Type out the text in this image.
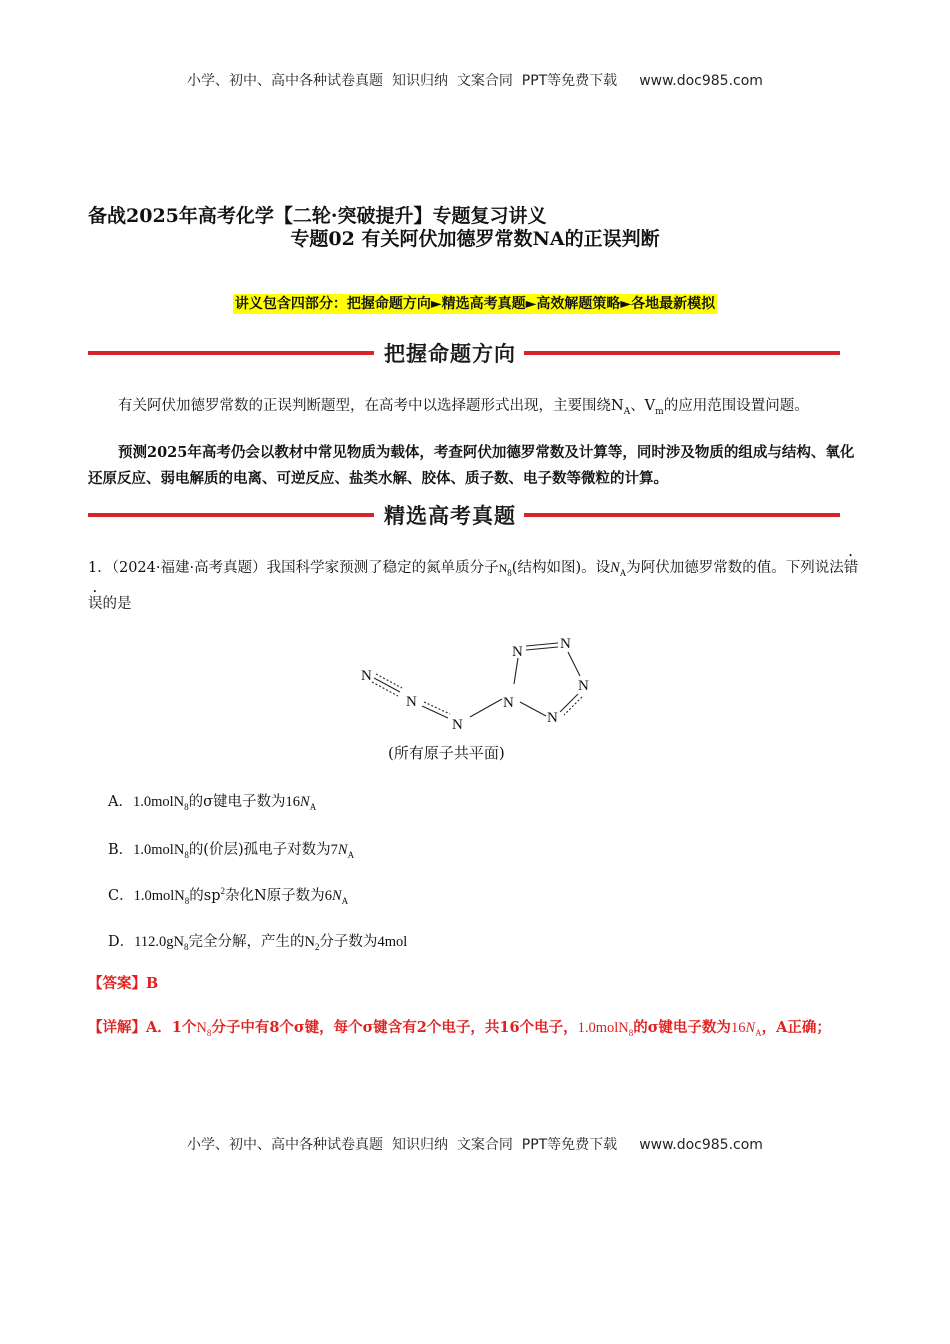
小学、初中、高中各种试卷真题  知识归纳  文案合同  PPT等免费下载 www.doc985.com
备战2025年高考化学【二轮·突破提升】专题复习讲义
专题02 有关阿伏加德罗常数NA的正误判断
讲义包含四部分：把握命题方向►精选高考真题►高效解题策略►各地最新模拟
把握命题方向
有关阿伏加德罗常数的正误判断题型，在高考中以选择题形式出现，主要围绕$N_A$、$V_m$的应用范围设置问题。
预测2025年高考仍会以教材中常见物质为载体，考查阿伏加德罗常数及计算等，同时涉及物质的组成与结构、氧化还原反应、弱电解质的电离、可逆反应、盐类水解、胶体、质子数、电子数等微粒的计算。
精选高考真题
1．（2024·福建·高考真题）我国科学家预测了稳定的氮单质分子$N_8$(结构如图)。设$N_A$为阿伏加德罗常数的值。下列说法错误的是
N
N
N
N
N N
N
N
(所有原子共平面)
A．1.0molN$_8$的σ键电子数为$16N_A$
B．1.0molN$_8$的(价层)孤电子对数为$7N_A$
C．1.0molN$_8$的$sp^2$杂化N原子数为$6N_A$
D．$112.0gN_8$完全分解，产生的$N_2$分子数为4mol
【答案】B
【详解】A．1个$N_8$分子中有8个σ键，每个σ键含有2个电子，共16个电子，1.0molN$_8$的σ键电子数为$16N_A$，A正确；
小学、初中、高中各种试卷真题  知识归纳  文案合同  PPT等免费下载 www.doc985.com
